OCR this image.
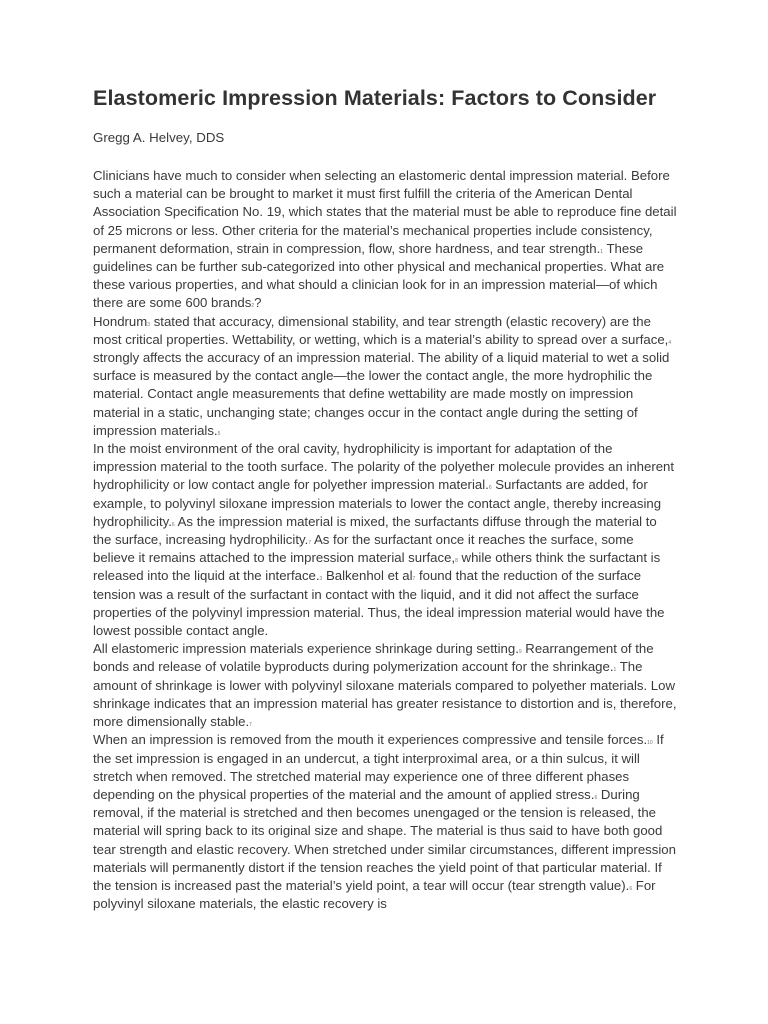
Elastomeric Impression Materials: Factors to Consider
Gregg A. Helvey, DDS

Clinicians have much to consider when selecting an elastomeric dental impression material. Before such a material can be brought to market it must first fulfill the criteria of the American Dental Association Specification No. 19, which states that the material must be able to reproduce fine detail of 25 microns or less. Other criteria for the material’s mechanical properties include consistency, permanent deformation, strain in compression, flow, shore hardness, and tear strength.1 These guidelines can be further sub-categorized into other physical and mechanical properties. What are these various properties, and what should a clinician look for in an impression material—of which there are some 600 brands2?

Hondrum3 stated that accuracy, dimensional stability, and tear strength (elastic recovery) are the most critical properties. Wettability, or wetting, which is a material’s ability to spread over a surface,4 strongly affects the accuracy of an impression material. The ability of a liquid material to wet a solid surface is measured by the contact angle—the lower the contact angle, the more hydrophilic the material. Contact angle measurements that define wettability are made mostly on impression material in a static, unchanging state; changes occur in the contact angle during the setting of impression materials.5

In the moist environment of the oral cavity, hydrophilicity is important for adaptation of the impression material to the tooth surface. The polarity of the polyether molecule provides an inherent hydrophilicity or low contact angle for polyether impression material.6 Surfactants are added, for example, to polyvinyl siloxane impression materials to lower the contact angle, thereby increasing hydrophilicity.6 As the impression material is mixed, the surfactants diffuse through the material to the surface, increasing hydrophilicity.7 As for the surfactant once it reaches the surface, some believe it remains attached to the impression material surface,8 while others think the surfactant is released into the liquid at the interface.3 Balkenhol et al7 found that the reduction of the surface tension was a result of the surfactant in contact with the liquid, and it did not affect the surface properties of the polyvinyl impression material. Thus, the ideal impression material would have the lowest possible contact angle.

All elastomeric impression materials experience shrinkage during setting.9 Rearrangement of the bonds and release of volatile byproducts during polymerization account for the shrinkage.1 The amount of shrinkage is lower with polyvinyl siloxane materials compared to polyether materials. Low shrinkage indicates that an impression material has greater resistance to distortion and is, therefore, more dimensionally stable.7

When an impression is removed from the mouth it experiences compressive and tensile forces.10 If the set impression is engaged in an undercut, a tight interproximal area, or a thin sulcus, it will stretch when removed. The stretched material may experience one of three different phases depending on the physical properties of the material and the amount of applied stress.6 During removal, if the material is stretched and then becomes unengaged or the tension is released, the material will spring back to its original size and shape. The material is thus said to have both good tear strength and elastic recovery. When stretched under similar circumstances, different impression materials will permanently distort if the tension reaches the yield point of that particular material. If the tension is increased past the material’s yield point, a tear will occur (tear strength value).6 For polyvinyl siloxane materials, the elastic recovery is
